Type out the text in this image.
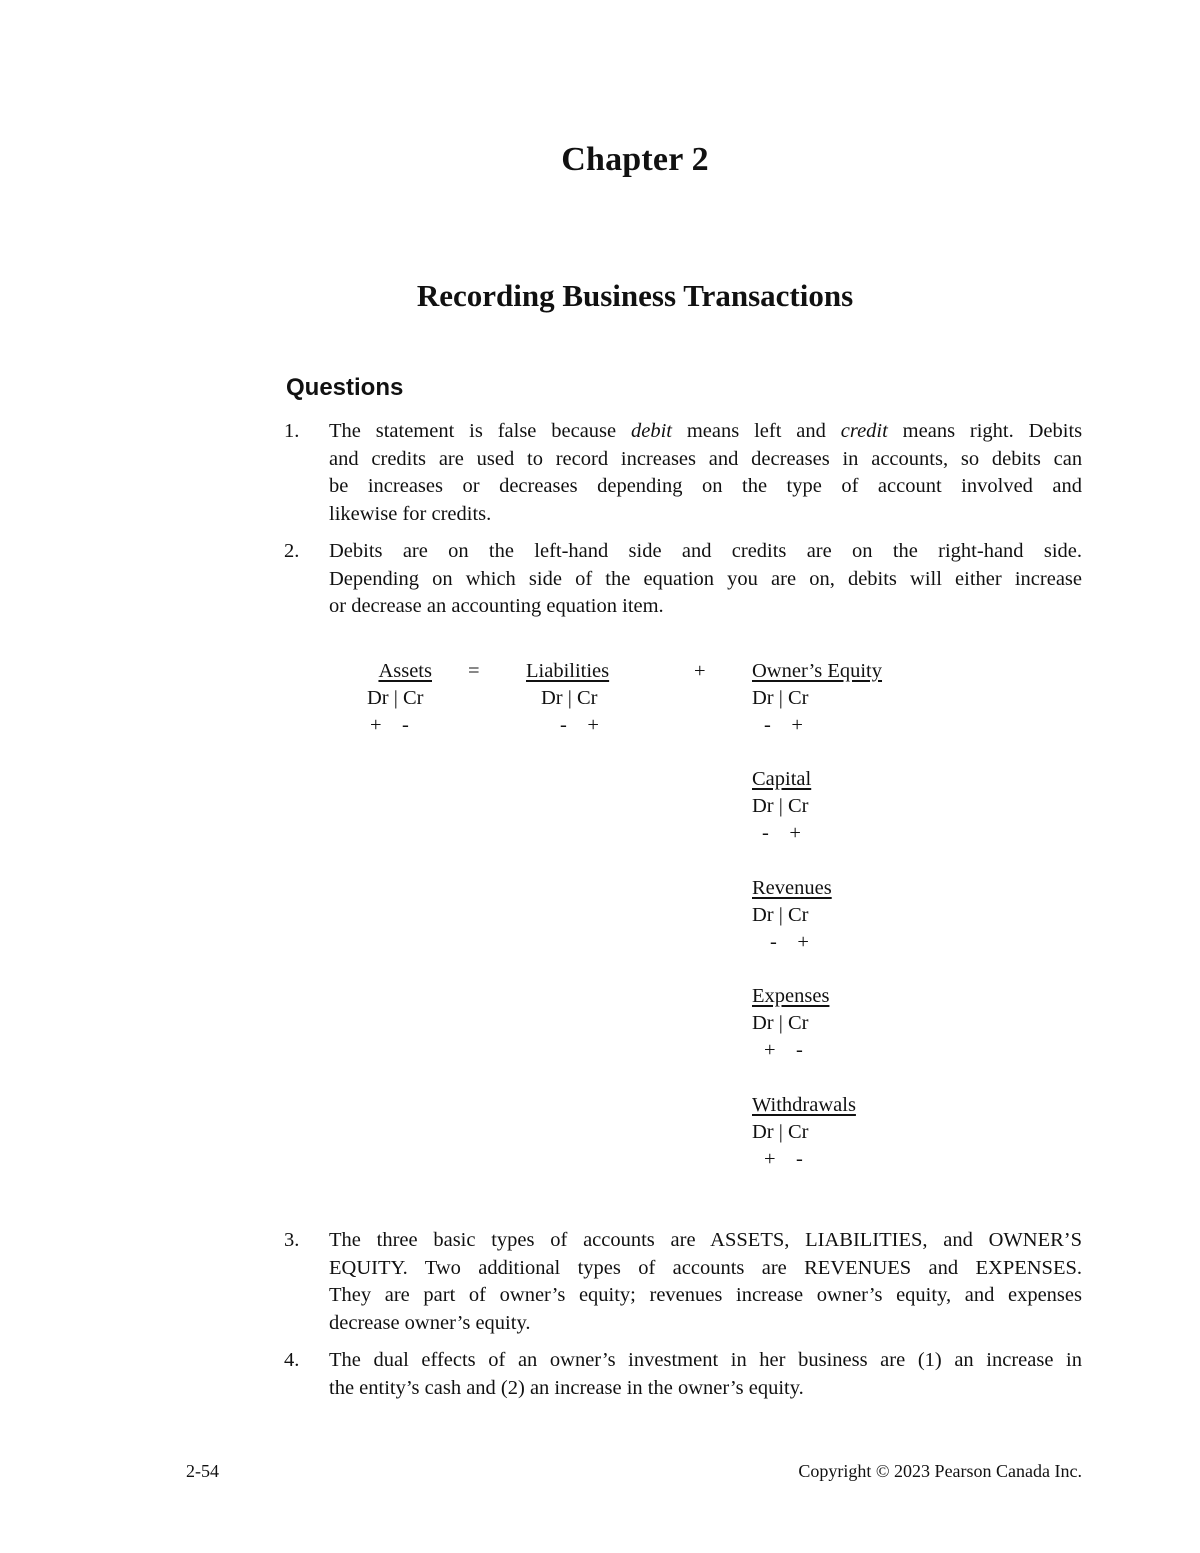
Chapter 2
Recording Business Transactions
Questions
1. The statement is false because debit means left and credit means right. Debits
and credits are used to record increases and decreases in accounts, so debits can
be increases or decreases depending on the type of account involved and
likewise for credits.
2. Debits are on the left-hand side and credits are on the right-hand side.
Depending on which side of the equation you are on, debits will either increase
or decrease an accounting equation item.
Assets
Dr | Cr
+    -
= Liabilities
Dr | Cr
-    +
+ Owner’s Equity
Dr | Cr
-    +
Capital
Dr | Cr
-    +
Revenues
Dr | Cr
-    +
Expenses
Dr | Cr
+    -
Withdrawals
Dr | Cr
+    -
3. The three basic types of accounts are ASSETS, LIABILITIES, and OWNER’S
EQUITY. Two additional types of accounts are REVENUES and EXPENSES.
They are part of owner’s equity; revenues increase owner’s equity, and expenses
decrease owner’s equity.
4. The dual effects of an owner’s investment in her business are (1) an increase in
the entity’s cash and (2) an increase in the owner’s equity.
2-54	Copyright © 2023 Pearson Canada Inc.
